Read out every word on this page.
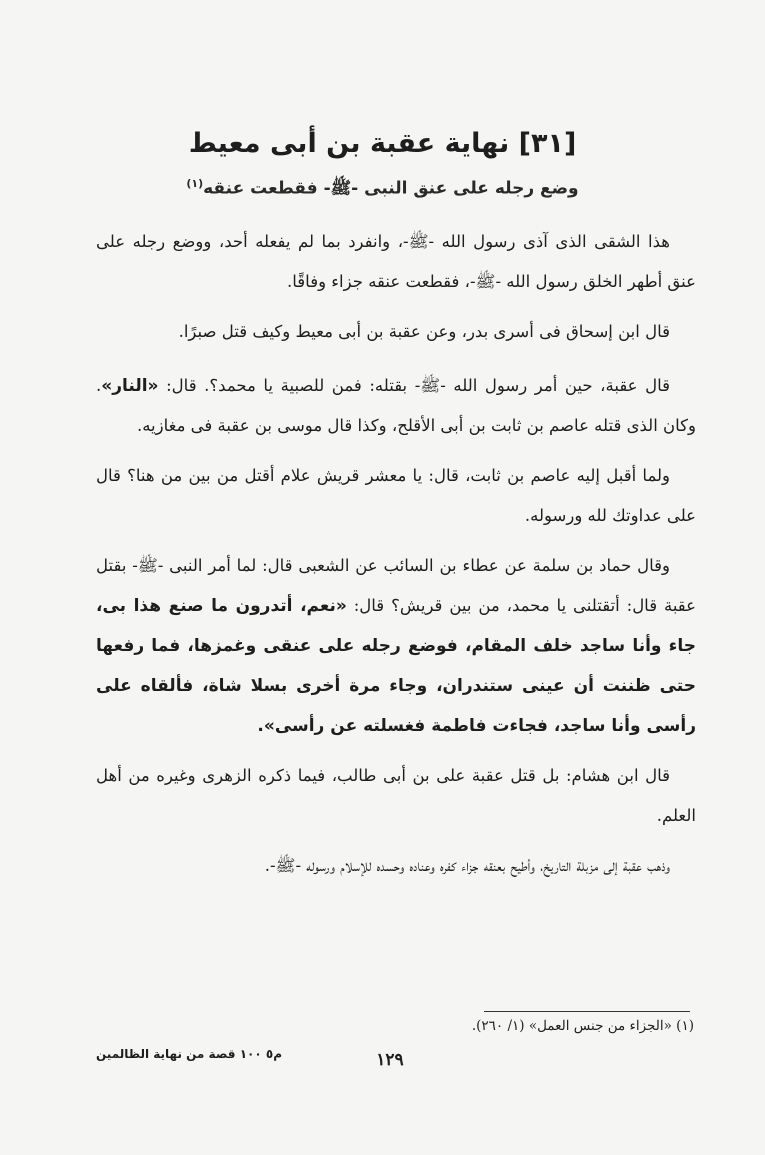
[٣١] نهاية عقبة بن أبى معيط
وضع رجله على عنق النبى -ﷺ- فقطعت عنقه$^{(١)}$

هذا الشقى الذى آذى رسول الله -ﷺ-، وانفرد بما لم يفعله أحد، ووضع رجله على عنق أطهر الخلق رسول الله -ﷺ-، فقطعت عنقه جزاء وفاقًا.

قال ابن إسحاق فى أسرى بدر، وعن عقبة بن أبى معيط وكيف قتل صبرًا.

قال عقبة، حين أمر رسول الله -ﷺ- بقتله: فمن للصبية يا محمد؟. قال: «النار». وكان الذى قتله عاصم بن ثابت بن أبى الأقلح، وكذا قال موسى بن عقبة فى مغازيه.

ولما أقبل إليه عاصم بن ثابت، قال: يا معشر قريش علام أقتل من بين من هنا؟ قال على عداوتك لله ورسوله.

وقال حماد بن سلمة عن عطاء بن السائب عن الشعبى قال: لما أمر النبى -ﷺ- بقتل عقبة قال: أتقتلنى يا محمد، من بين قريش؟ قال: «نعم، أتدرون ما صنع هذا بى، جاء وأنا ساجد خلف المقام، فوضع رجله على عنقى وغمزها، فما رفعها حتى ظننت أن عينى ستندران، وجاء مرة أخرى بسلا شاة، فألقاه على رأسى وأنا ساجد، فجاءت فاطمة فغسلته عن رأسى».

قال ابن هشام: بل قتل عقبة على بن أبى طالب، فيما ذكره الزهرى وغيره من أهل العلم.

وذهب عقبة إلى مزبلة التاريخ، وأطيح بعنقه جزاء كفره وعناده وحسده للإسلام ورسوله -ﷺ-.

(١) «الجزاء من جنس العمل» (١/ ٢٦٠).
م٥ ١٠٠ قصة من نهاية الظالمين	١٢٩
